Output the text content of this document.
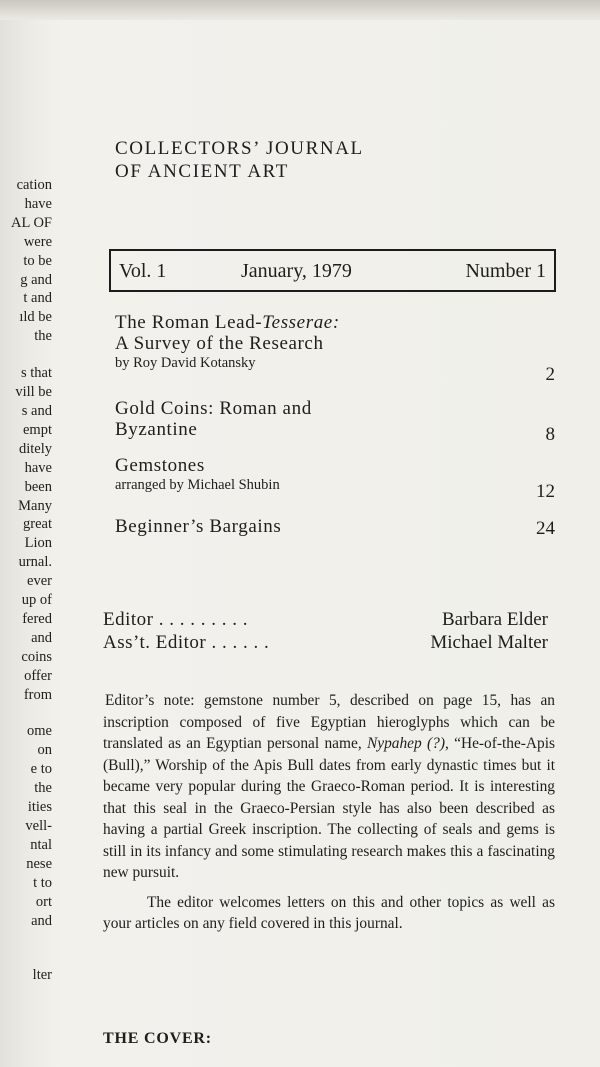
cation
have
AL OF
were
to be
g and
t and
ıld be
the

s that
vill be
s and
empt
ditely
have
been
Many
great
Lion
urnal.
ever
up of
fered
and
coins
offer
from

ome
on
e to
the
ities
vell-
ntal
nese
t to
ort
and

lter
COLLECTORS’ JOURNAL
OF ANCIENT ART
Vol. 1	January, 1979	Number 1
The Roman Lead-Tesserae:
A Survey of the Research
by Roy David Kotansky
2
Gold Coins: Roman and
Byzantine	8
Gemstones
arranged by Michael Shubin	12
Beginner’s Bargains	24
Editor . . . . . . . . .	Barbara Elder
Ass’t. Editor . . . . . .	Michael Malter

Editor’s note: gemstone number 5, described on page 15, has an inscription composed of five Egyptian hieroglyphs which can be translated as an Egyptian personal name, Nypahep (?), “He-of-the-Apis (Bull),” Worship of the Apis Bull dates from early dynastic times but it became very popular during the Graeco-Roman period. It is interesting that this seal in the Graeco-Persian style has also been described as having a partial Greek inscription. The collecting of seals and gems is still in its infancy and some stimulating research makes this a fascinating new pursuit.

The editor welcomes letters on this and other topics as well as your articles on any field covered in this journal.

THE COVER:
